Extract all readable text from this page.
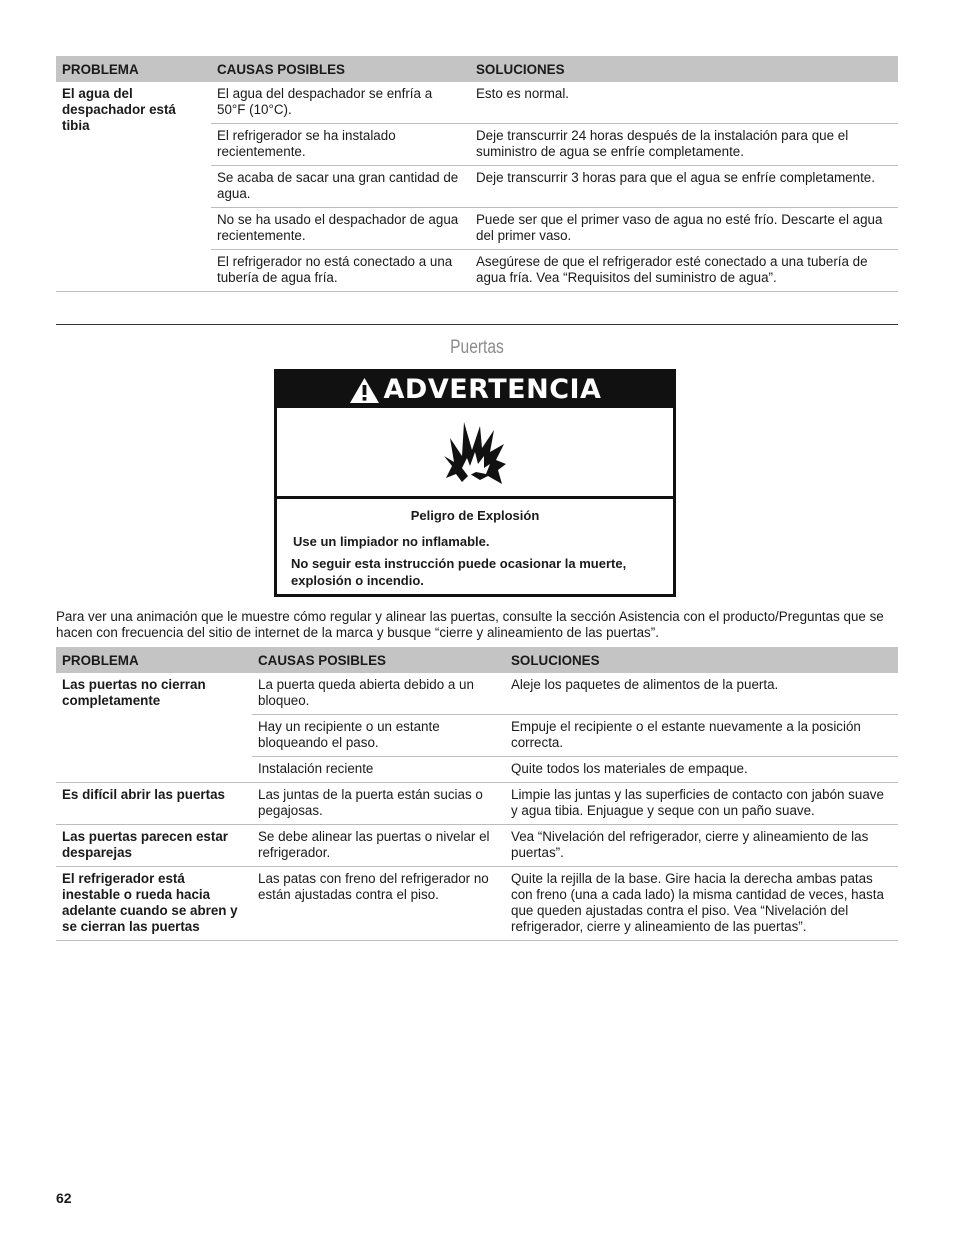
PROBLEMA	CAUSAS POSIBLES	SOLUCIONES
El agua del despachador está tibia	El agua del despachador se enfría a 50°F (10°C).	Esto es normal.
	El refrigerador se ha instalado recientemente.	Deje transcurrir 24 horas después de la instalación para que el suministro de agua se enfríe completamente.
	Se acaba de sacar una gran cantidad de agua.	Deje transcurrir 3 horas para que el agua se enfríe completamente.
	No se ha usado el despachador de agua recientemente.	Puede ser que el primer vaso de agua no esté frío. Descarte el agua del primer vaso.
	El refrigerador no está conectado a una tubería de agua fría.	Asegúrese de que el refrigerador esté conectado a una tubería de agua fría. Vea “Requisitos del suministro de agua”.
Puertas
ADVERTENCIA
Peligro de Explosión
Use un limpiador no inflamable.
No seguir esta instrucción puede ocasionar la muerte, explosión o incendio.
Para ver una animación que le muestre cómo regular y alinear las puertas, consulte la sección Asistencia con el producto/Preguntas que se hacen con frecuencia del sitio de internet de la marca y busque “cierre y alineamiento de las puertas”.
PROBLEMA	CAUSAS POSIBLES	SOLUCIONES
Las puertas no cierran completamente	La puerta queda abierta debido a un bloqueo.	Aleje los paquetes de alimentos de la puerta.
	Hay un recipiente o un estante bloqueando el paso.	Empuje el recipiente o el estante nuevamente a la posición correcta.
	Instalación reciente	Quite todos los materiales de empaque.
Es difícil abrir las puertas	Las juntas de la puerta están sucias o pegajosas.	Limpie las juntas y las superficies de contacto con jabón suave y agua tibia. Enjuague y seque con un paño suave.
Las puertas parecen estar desparejas	Se debe alinear las puertas o nivelar el refrigerador.	Vea “Nivelación del refrigerador, cierre y alineamiento de las puertas”.
El refrigerador está inestable o rueda hacia adelante cuando se abren y se cierran las puertas	Las patas con freno del refrigerador no están ajustadas contra el piso.	Quite la rejilla de la base. Gire hacia la derecha ambas patas con freno (una a cada lado) la misma cantidad de veces, hasta que queden ajustadas contra el piso. Vea “Nivelación del refrigerador, cierre y alineamiento de las puertas”.
62
